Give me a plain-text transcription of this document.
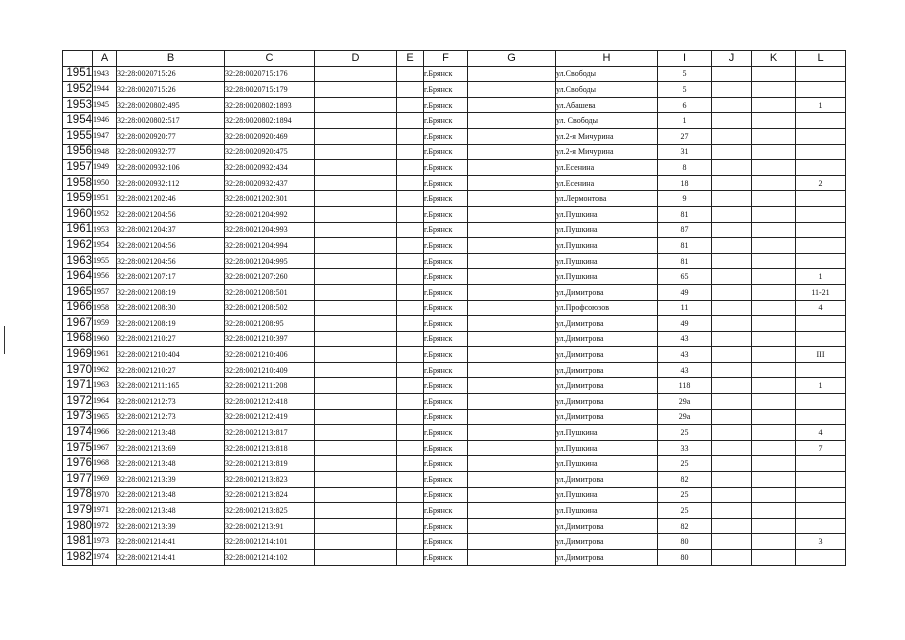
	A	B	C	D	E	F	G	H	I	J	K	L
1951	1943	32:28:0020715:26	32:28:0020715:176			г.Брянск		ул.Свободы	5			
1952	1944	32:28:0020715:26	32:28:0020715:179			г.Брянск		ул.Свободы	5			
1953	1945	32:28:0020802:495	32:28:0020802:1893			г.Брянск		ул.Абашева	6			1
1954	1946	32:28:0020802:517	32:28:0020802:1894			г.Брянск		ул. Свободы	1			
1955	1947	32:28:0020920:77	32:28:0020920:469			г.Брянск		ул.2-я Мичурина	27			
1956	1948	32:28:0020932:77	32:28:0020920:475			г.Брянск		ул.2-я Мичурина	31			
1957	1949	32:28:0020932:106	32:28:0020932:434			г.Брянск		ул.Есенина	8			
1958	1950	32:28:0020932:112	32:28:0020932:437			г.Брянск		ул.Есенина	18			2
1959	1951	32:28:0021202:46	32:28:0021202:301			г.Брянск		ул.Лермонтова	9			
1960	1952	32:28:0021204:56	32:28:0021204:992			г.Брянск		ул.Пушкина	81			
1961	1953	32:28:0021204:37	32:28:0021204:993			г.Брянск		ул.Пушкина	87			
1962	1954	32:28:0021204:56	32:28:0021204:994			г.Брянск		ул.Пушкина	81			
1963	1955	32:28:0021204:56	32:28:0021204:995			г.Брянск		ул.Пушкина	81			
1964	1956	32:28:0021207:17	32:28:0021207:260			г.Брянск		ул.Пушкина	65			1
1965	1957	32:28:0021208:19	32:28:0021208:501			г.Брянск		ул.Димитрова	49			11-21
1966	1958	32:28:0021208:30	32:28:0021208:502			г.Брянск		ул.Профсоюзов	11			4
1967	1959	32:28:0021208:19	32:28:0021208:95			г.Брянск		ул.Димитрова	49			
1968	1960	32:28:0021210:27	32:28:0021210:397			г.Брянск		ул.Димитрова	43			
1969	1961	32:28:0021210:404	32:28:0021210:406			г.Брянск		ул.Димитрова	43			III
1970	1962	32:28:0021210:27	32:28:0021210:409			г.Брянск		ул.Димитрова	43			
1971	1963	32:28:0021211:165	32:28:0021211:208			г.Брянск		ул.Димитрова	118			1
1972	1964	32:28:0021212:73	32:28:0021212:418			г.Брянск		ул.Димитрова	29а			
1973	1965	32:28:0021212:73	32:28:0021212:419			г.Брянск		ул.Димитрова	29а			
1974	1966	32:28:0021213:48	32:28:0021213:817			г.Брянск		ул.Пушкина	25			4
1975	1967	32:28:0021213:69	32:28:0021213:818			г.Брянск		ул.Пушкина	33			7
1976	1968	32:28:0021213:48	32:28:0021213:819			г.Брянск		ул.Пушкина	25			
1977	1969	32:28:0021213:39	32:28:0021213:823			г.Брянск		ул.Димитрова	82			
1978	1970	32:28:0021213:48	32:28:0021213:824			г.Брянск		ул.Пушкина	25			
1979	1971	32:28:0021213:48	32:28:0021213:825			г.Брянск		ул.Пушкина	25			
1980	1972	32:28:0021213:39	32:28:0021213:91			г.Брянск		ул.Димитрова	82			
1981	1973	32:28:0021214:41	32:28:0021214:101			г.Брянск		ул.Димитрова	80			3
1982	1974	32:28:0021214:41	32:28:0021214:102			г.Брянск		ул.Димитрова	80			
